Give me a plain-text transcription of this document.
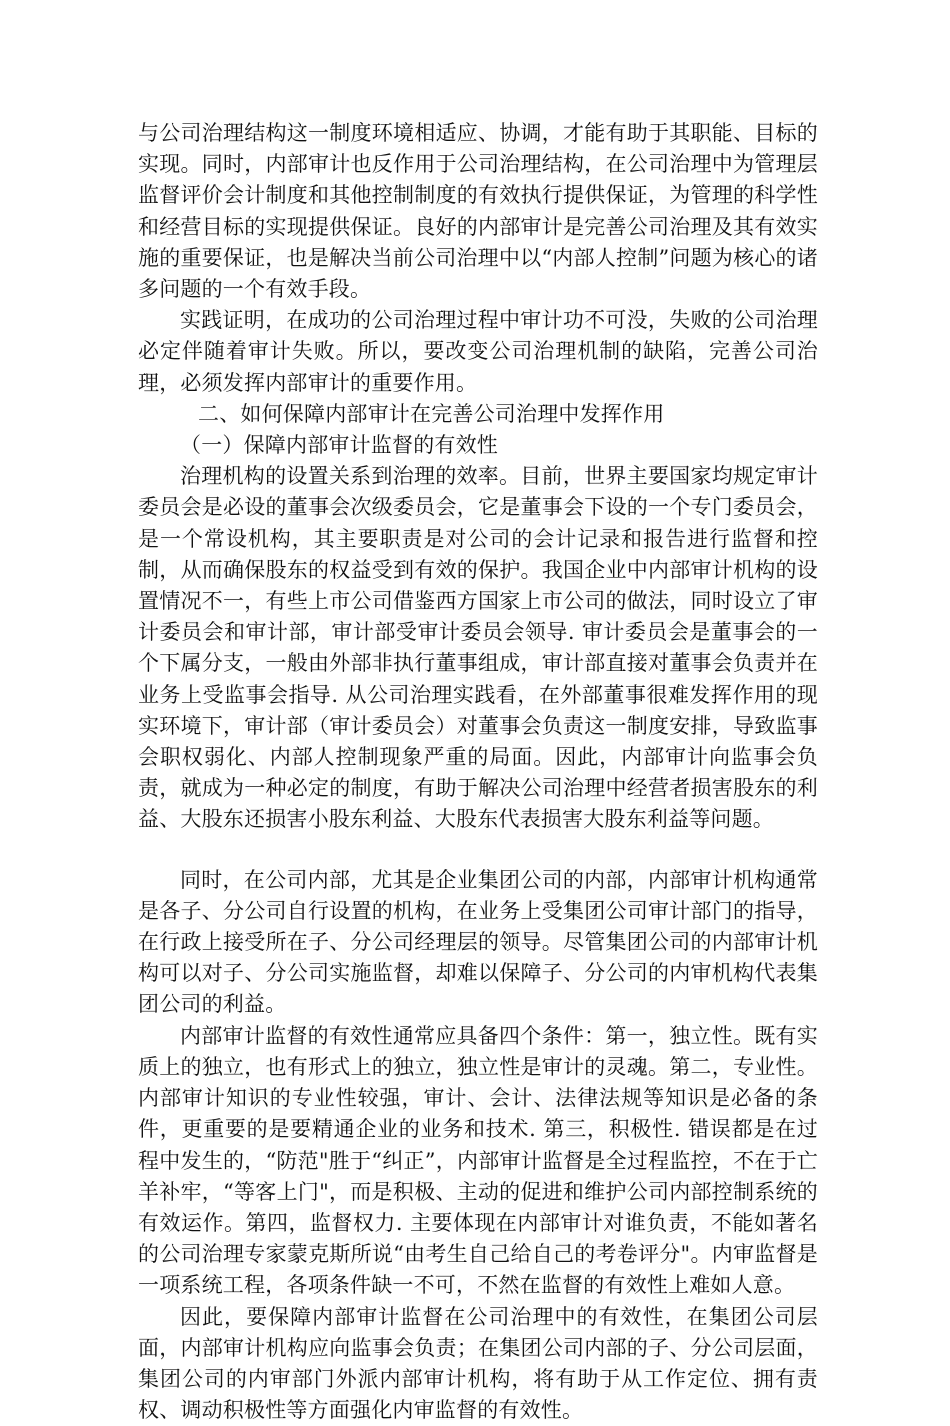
与公司治理结构这一制度环境相适应、协调，才能有助于其职能、目标的实现。同时，内部审计也反作用于公司治理结构，在公司治理中为管理层监督评价会计制度和其他控制制度的有效执行提供保证，为管理的科学性和经营目标的实现提供保证。良好的内部审计是完善公司治理及其有效实施的重要保证，也是解决当前公司治理中以“内部人控制”问题为核心的诸多问题的一个有效手段。

实践证明，在成功的公司治理过程中审计功不可没，失败的公司治理必定伴随着审计失败。所以，要改变公司治理机制的缺陷，完善公司治理，必须发挥内部审计的重要作用。

二、如何保障内部审计在完善公司治理中发挥作用

（一）保障内部审计监督的有效性

治理机构的设置关系到治理的效率。目前，世界主要国家均规定审计委员会是必设的董事会次级委员会，它是董事会下设的一个专门委员会，是一个常设机构，其主要职责是对公司的会计记录和报告进行监督和控制，从而确保股东的权益受到有效的保护。我国企业中内部审计机构的设置情况不一，有些上市公司借鉴西方国家上市公司的做法，同时设立了审计委员会和审计部，审计部受审计委员会领导. 审计委员会是董事会的一个下属分支，一般由外部非执行董事组成，审计部直接对董事会负责并在业务上受监事会指导. 从公司治理实践看，在外部董事很难发挥作用的现实环境下，审计部（审计委员会）对董事会负责这一制度安排，导致监事会职权弱化、内部人控制现象严重的局面。因此，内部审计向监事会负责，就成为一种必定的制度，有助于解决公司治理中经营者损害股东的利益、大股东还损害小股东利益、大股东代表损害大股东利益等问题。

同时，在公司内部，尤其是企业集团公司的内部，内部审计机构通常是各子、分公司自行设置的机构，在业务上受集团公司审计部门的指导，在行政上接受所在子、分公司经理层的领导。尽管集团公司的内部审计机构可以对子、分公司实施监督，却难以保障子、分公司的内审机构代表集团公司的利益。

内部审计监督的有效性通常应具备四个条件：第一，独立性。既有实质上的独立，也有形式上的独立，独立性是审计的灵魂。第二，专业性。内部审计知识的专业性较强，审计、会计、法律法规等知识是必备的条件，更重要的是要精通企业的业务和技术. 第三，积极性. 错误都是在过程中发生的，“防范"胜于“纠正”，内部审计监督是全过程监控，不在于亡羊补牢，“等客上门"，而是积极、主动的促进和维护公司内部控制系统的有效运作。第四，监督权力. 主要体现在内部审计对谁负责，不能如著名的公司治理专家蒙克斯所说“由考生自己给自己的考卷评分"。内审监督是一项系统工程，各项条件缺一不可，不然在监督的有效性上难如人意。

因此，要保障内部审计监督在公司治理中的有效性，在集团公司层面，内部审计机构应向监事会负责；在集团公司内部的子、分公司层面，集团公司的内审部门外派内部审计机构，将有助于从工作定位、拥有责权、调动积极性等方面强化内审监督的有效性。
